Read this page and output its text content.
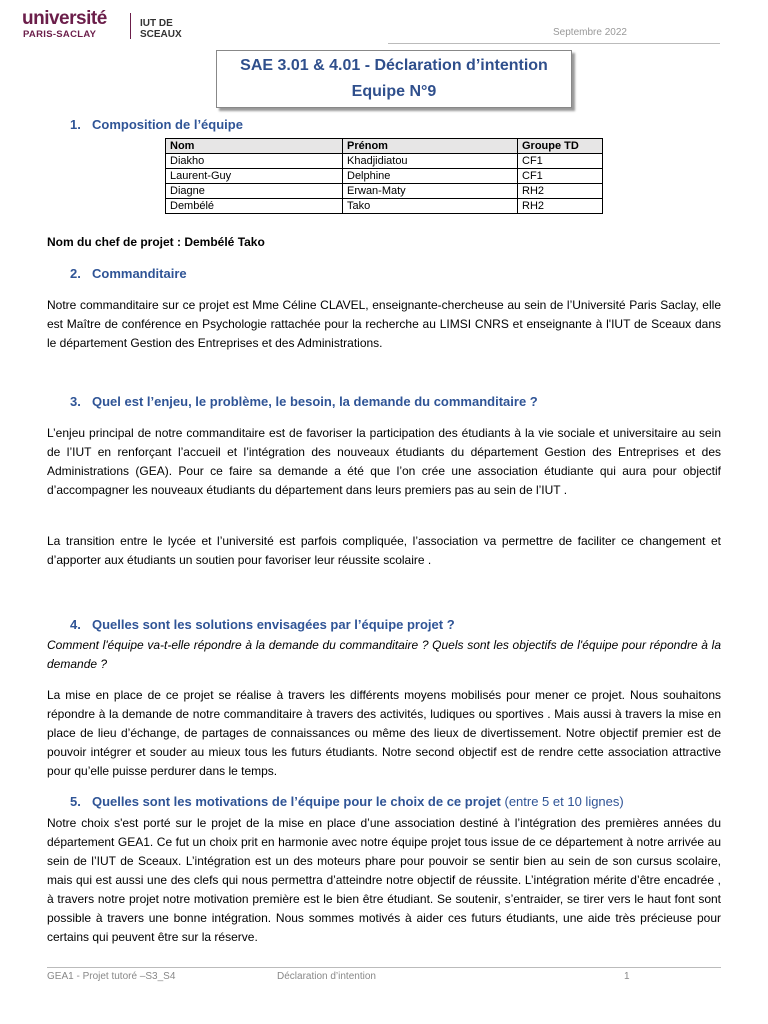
université
PARIS-SACLAY
IUT DE SCEAUX	Septembre 2022
SAE 3.01 & 4.01 - Déclaration d’intention
Equipe N°9
1. Composition de l’équipe
Nom	Prénom	Groupe TD
Diakho	Khadjidiatou	CF1
Laurent-Guy	Delphine	CF1
Diagne	Erwan-Maty	RH2
Dembélé	Tako	RH2
Nom du chef de projet : Dembélé Tako
2. Commanditaire
Notre commanditaire sur ce projet est Mme Céline CLAVEL, enseignante-chercheuse au sein de l’Université Paris Saclay, elle est Maître de conférence en Psychologie rattachée pour la recherche au LIMSI CNRS et enseignante à l'IUT de Sceaux dans le département Gestion des Entreprises et des Administrations.
3. Quel est l’enjeu, le problème, le besoin, la demande du commanditaire ?
L’enjeu principal de notre commanditaire est de favoriser la participation des étudiants à la vie sociale et universitaire au sein de l’IUT en renforçant l’accueil et l’intégration des nouveaux étudiants du département Gestion des Entreprises et des Administrations (GEA). Pour ce faire sa demande a été que l’on crée une association étudiante qui aura pour objectif d’accompagner les nouveaux étudiants du département dans leurs premiers pas au sein de l’IUT .
La transition entre le lycée et l’université est parfois compliquée, l’association va permettre de faciliter ce changement et d’apporter aux étudiants un soutien pour favoriser leur réussite scolaire .
4. Quelles sont les solutions envisagées par l’équipe projet ?
Comment l'équipe va-t-elle répondre à la demande du commanditaire ? Quels sont les objectifs de l'équipe pour répondre à la demande ?
La mise en place de ce projet se réalise à travers les différents moyens mobilisés pour mener ce projet. Nous souhaitons répondre à la demande de notre commanditaire à travers des activités, ludiques ou sportives . Mais aussi à travers la mise en place de lieu d’échange, de partages de connaissances ou même des lieux de divertissement. Notre objectif premier est de pouvoir intégrer et souder au mieux tous les futurs étudiants. Notre second objectif est de rendre cette association attractive pour qu’elle puisse perdurer dans le temps.
5. Quelles sont les motivations de l’équipe pour le choix de ce projet (entre 5 et 10 lignes)
Notre choix s'est porté sur le projet de la mise en place d’une association destiné à l’intégration des premières années du département GEA1. Ce fut un choix prit en harmonie avec notre équipe projet tous issue de ce département à notre arrivée au sein de l’IUT de Sceaux. L’intégration est un des moteurs phare pour pouvoir se sentir bien au sein de son cursus scolaire, mais qui est aussi une des clefs qui nous permettra d’atteindre notre objectif de réussite. L’intégration mérite d’être encadrée , à travers notre projet notre motivation première est le bien être étudiant. Se soutenir, s’entraider, se tirer vers le haut font sont possible à travers une bonne intégration. Nous sommes motivés à aider ces futurs étudiants, une aide très précieuse pour certains qui peuvent être sur la réserve.
GEA1 - Projet tutoré –S3_S4	Déclaration d’intention	1
